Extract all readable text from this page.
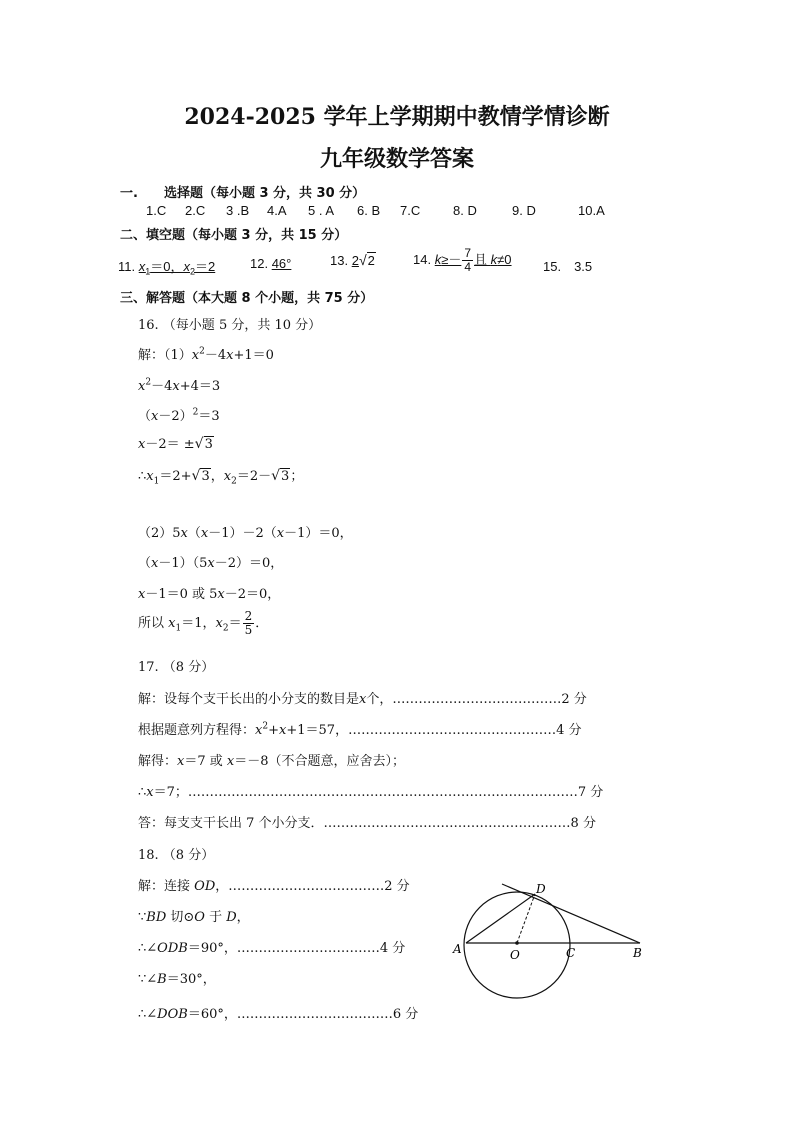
2024-2025 学年上学期期中教情学情诊断
九年级数学答案
一.　　选择题（每小题 3 分，共 30 分）
1.C 2.C 3 .B 4.A 5 . A 6. B 7.C	8. D	9. D	10.A
二、填空题（每小题 3 分，共 15 分）
11. $x_1=0$，$x_2=2$	12. 46°	13. 2√2	14. $k\ge- \frac{7}{4}$ 且 k≠0 15.　3.5
三、解答题（本大题 8 个小题，共 75 分）
16. （每小题 5 分，共 10 分）
解：$(1)x^2-4x+1=0$
$x^2-4x+4=3$
$(x-2)^2=3$
x－2＝ ±√3
$\therefore x_1=2+√3$，$x_2=2-√3$；
（2）5x（x－1）－2（x－1）＝0，
（x－1）（5x－2）＝0，
x－1＝0 或 5x－2＝0，
所以 $x_1=1$，$x_2= \frac{2}{5}$ ．
17. （8 分）
解：设每个支干长出的小分支的数目是x个，…………………………………2 分
根据题意列方程得：$x^2+x+1=57$，…………………………………………4 分
解得：x＝7 或 x＝－8（不合题意，应舍去）；
∴x＝7；………………………………………………………………………………7 分
答：每支支干长出 7 个小分支．…………………………………………………8 分
18. （8 分）
解：连接 OD，………………………………2 分
∵BD 切⊙O 于 D，
∴∠ODB＝90°，……………………………4 分
∵∠B＝30°，
∴∠DOB＝60°，………………………………6 分
A	O	C	B
D
